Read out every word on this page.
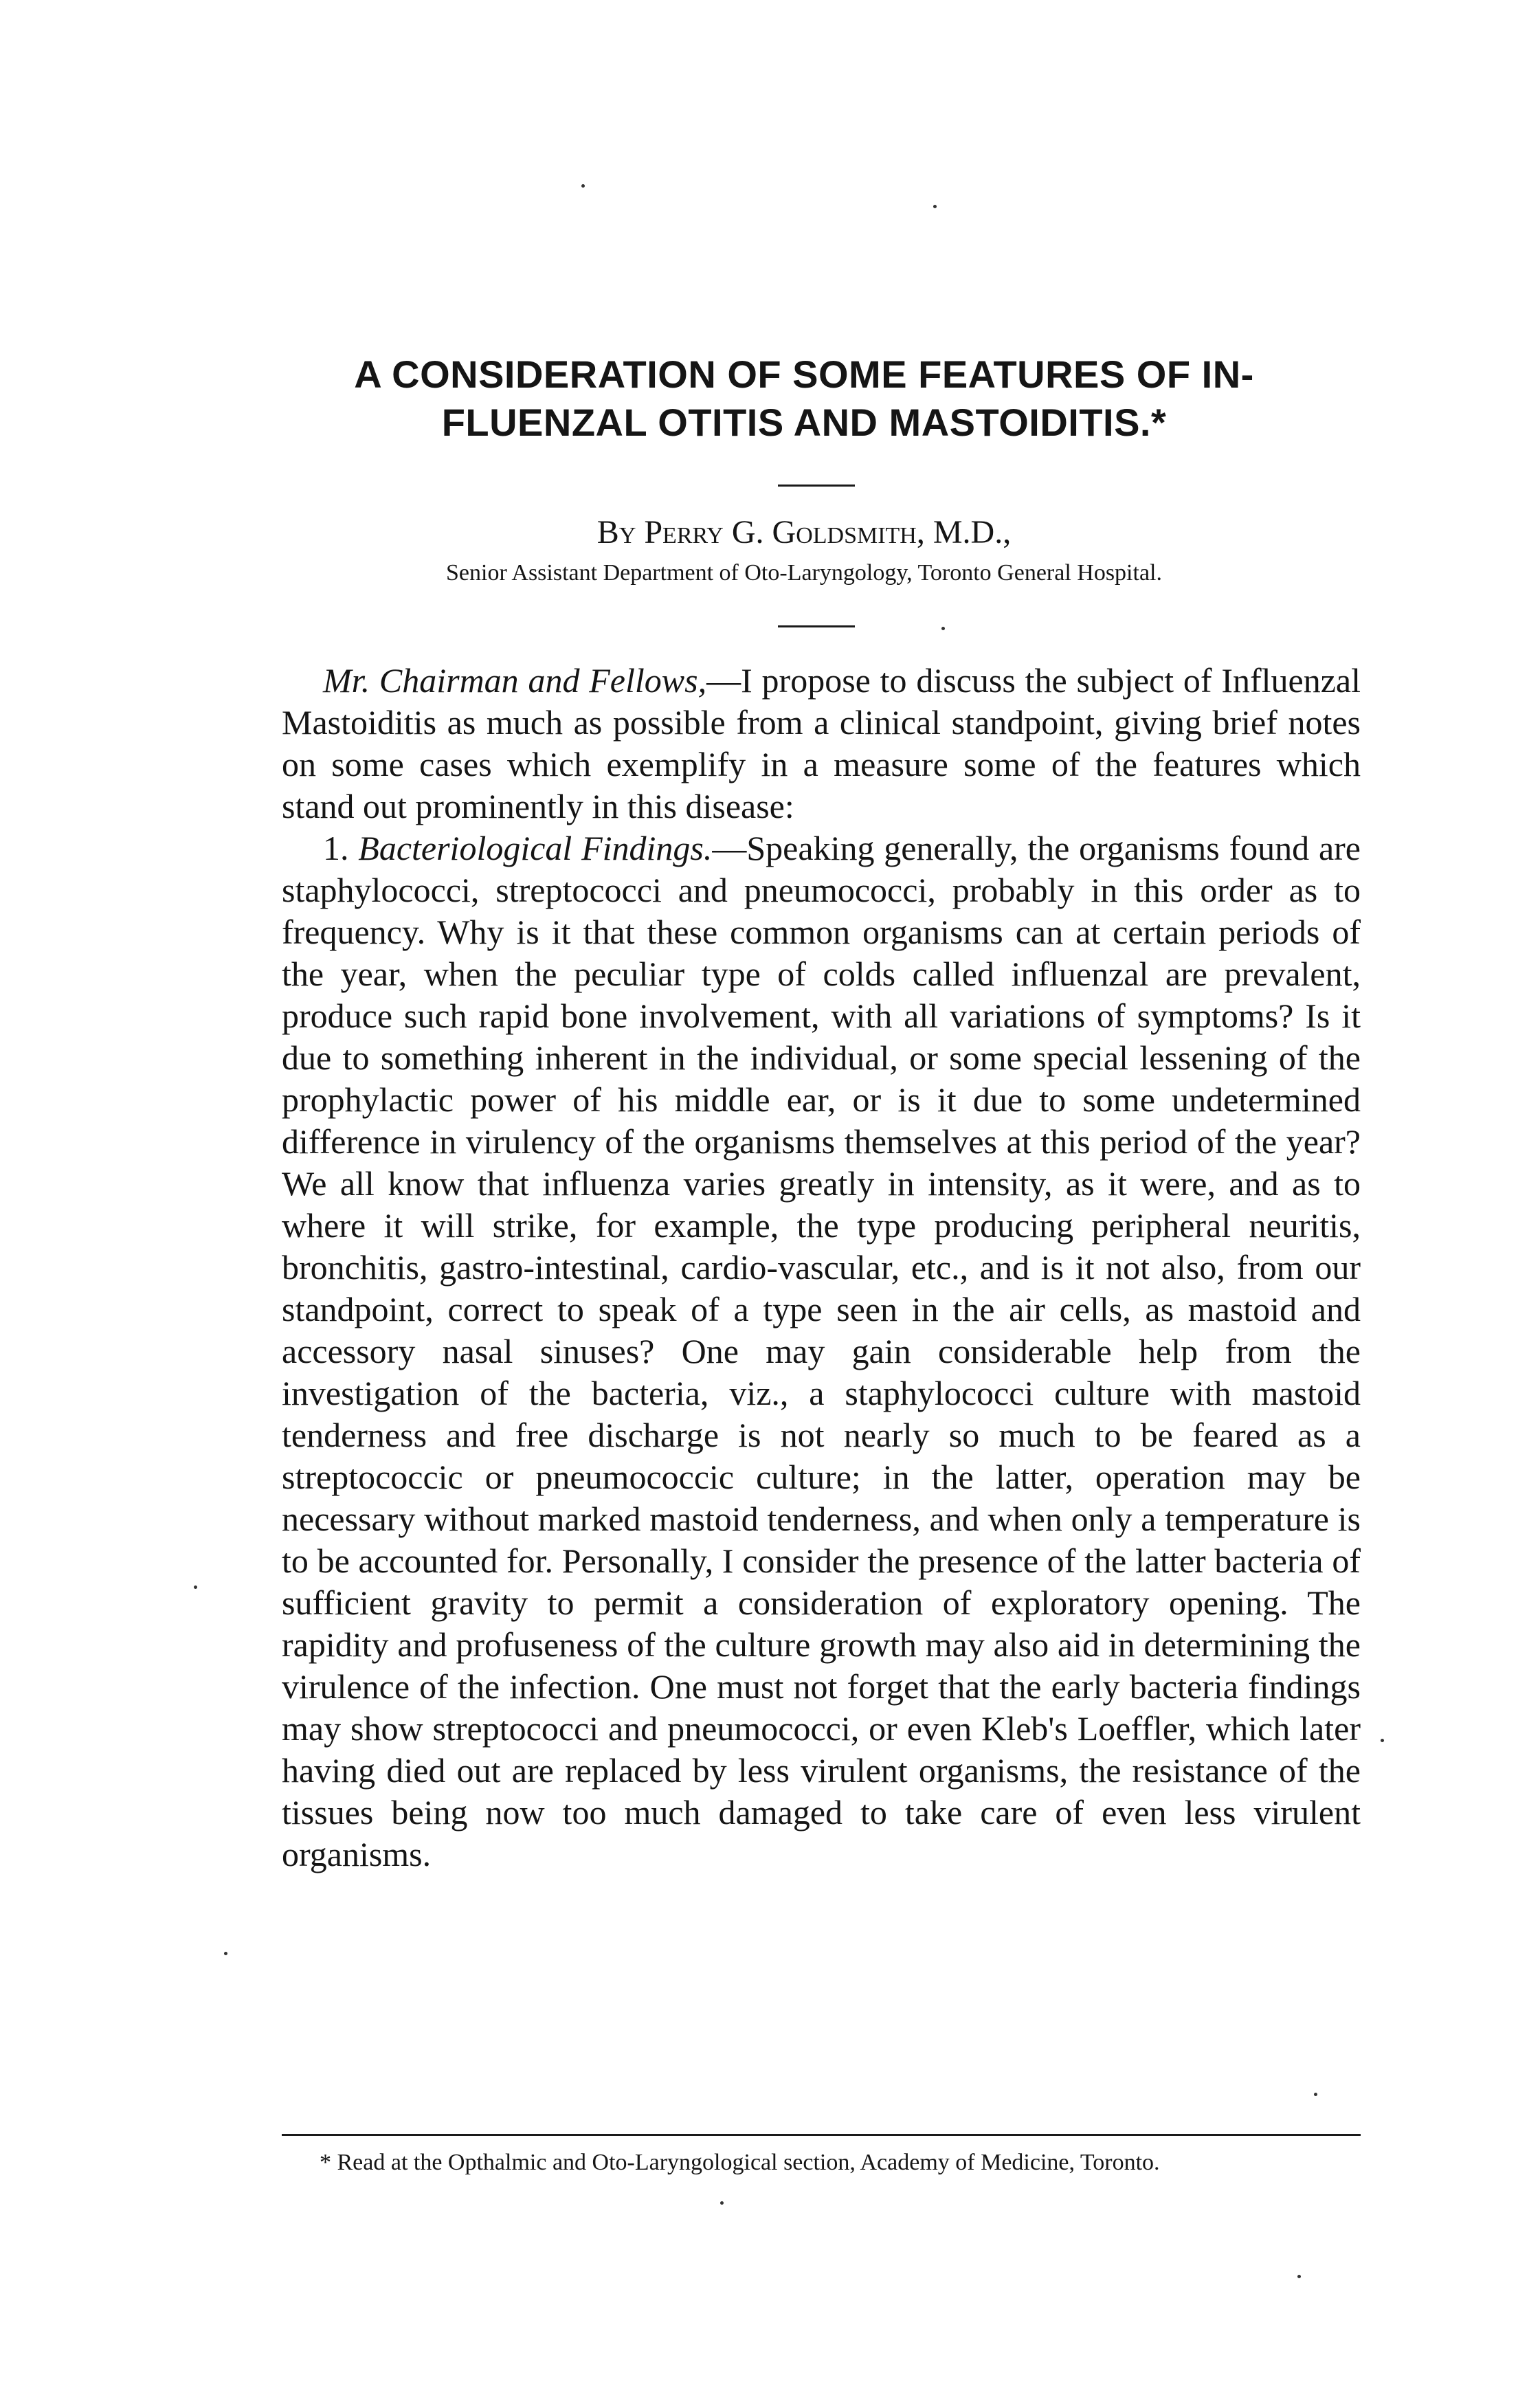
A CONSIDERATION OF SOME FEATURES OF IN-
FLUENZAL OTITIS AND MASTOIDITIS.*
By Perry G. Goldsmith, M.D.,
Senior Assistant Department of Oto-Laryngology, Toronto General Hospital.

Mr. Chairman and Fellows,—I propose to discuss the subject of Influenzal Mastoiditis as much as possible from a clinical standpoint, giving brief notes on some cases which exemplify in a measure some of the features which stand out prominently in this disease:

1. Bacteriological Findings.—Speaking generally, the organisms found are staphylococci, streptococci and pneumococci, probably in this order as to frequency. Why is it that these common organisms can at certain periods of the year, when the peculiar type of colds called influenzal are prevalent, produce such rapid bone involvement, with all variations of symptoms? Is it due to something inherent in the individual, or some special lessening of the prophylactic power of his middle ear, or is it due to some undetermined difference in virulency of the organisms themselves at this period of the year? We all know that influenza varies greatly in intensity, as it were, and as to where it will strike, for example, the type producing peripheral neuritis, bronchitis, gastro-intestinal, cardio-vascular, etc., and is it not also, from our standpoint, correct to speak of a type seen in the air cells, as mastoid and accessory nasal sinuses? One may gain considerable help from the investigation of the bacteria, viz., a staphylococci culture with mastoid tenderness and free discharge is not nearly so much to be feared as a streptococcic or pneumococcic culture; in the latter, operation may be necessary without marked mastoid tenderness, and when only a temperature is to be accounted for. Personally, I consider the presence of the latter bacteria of sufficient gravity to permit a consideration of exploratory opening. The rapidity and profuseness of the culture growth may also aid in determining the virulence of the infection. One must not forget that the early bacteria findings may show streptococci and pneumococci, or even Kleb's Loeffler, which later having died out are replaced by less virulent organisms, the resistance of the tissues being now too much damaged to take care of even less virulent organisms.

* Read at the Opthalmic and Oto-Laryngological section, Academy of Medicine, Toronto.
